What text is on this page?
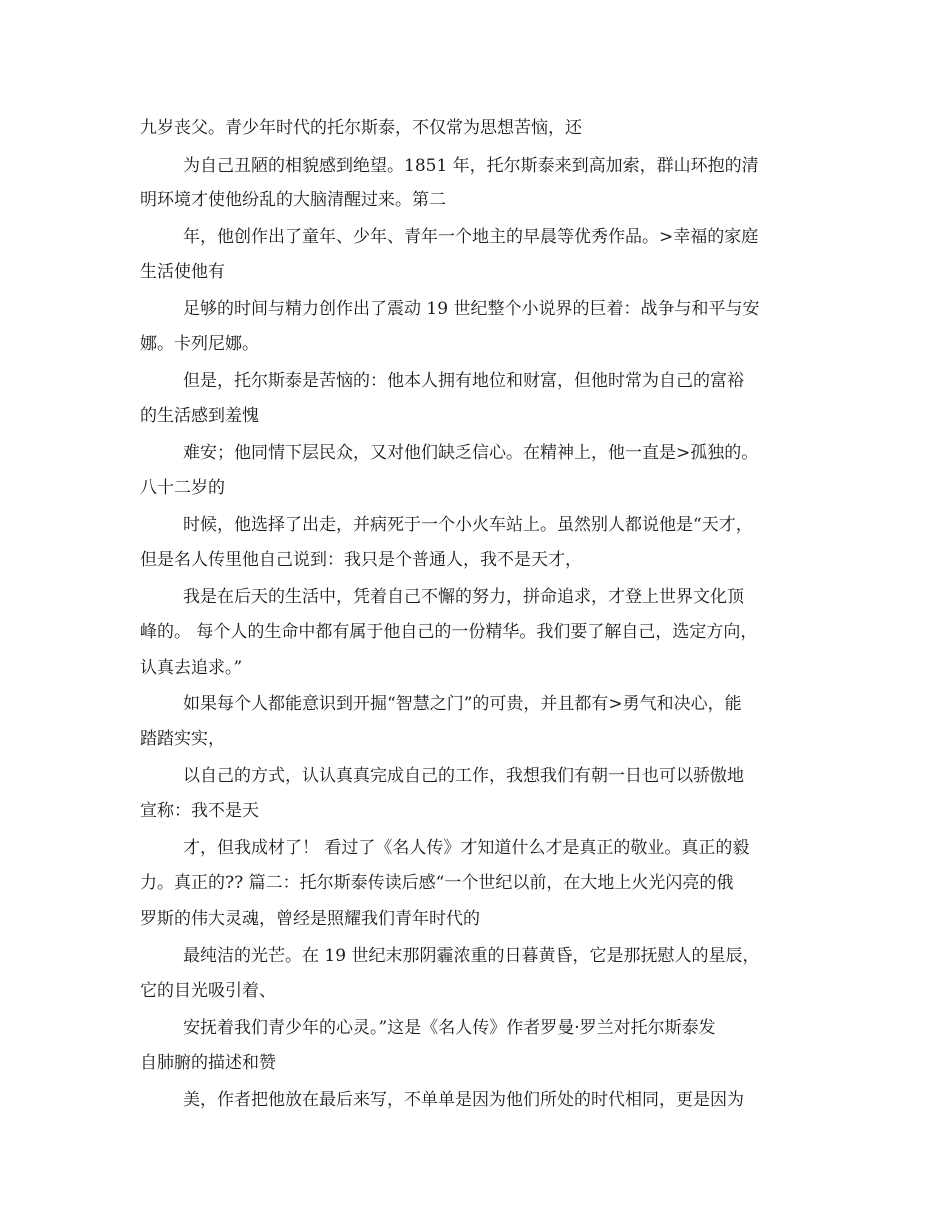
九岁丧父。青少年时代的托尔斯泰，不仅常为思想苦恼，还
为自己丑陋的相貌感到绝望。1851 年，托尔斯泰来到高加索，群山环抱的清
明环境才使他纷乱的大脑清醒过来。第二
年，他创作出了童年、少年、青年一个地主的早晨等优秀作品。>幸福的家庭
生活使他有
足够的时间与精力创作出了震动 19 世纪整个小说界的巨着：战争与和平与安
娜。卡列尼娜。
但是，托尔斯泰是苦恼的：他本人拥有地位和财富，但他时常为自己的富裕
的生活感到羞愧
难安；他同情下层民众，又对他们缺乏信心。在精神上，他一直是>孤独的。
八十二岁的
时候，他选择了出走，并病死于一个小火车站上。虽然别人都说他是“天才，
但是名人传里他自己说到：我只是个普通人，我不是天才，
我是在后天的生活中，凭着自己不懈的努力，拼命追求，才登上世界文化顶
峰的。 每个人的生命中都有属于他自己的一份精华。我们要了解自己，选定方向，
认真去追求。”
如果每个人都能意识到开掘“智慧之门”的可贵，并且都有>勇气和决心，能
踏踏实实，
以自己的方式，认认真真完成自己的工作，我想我们有朝一日也可以骄傲地
宣称：我不是天
才，但我成材了！ 看过了《名人传》才知道什么才是真正的敬业。真正的毅
力。真正的?? 篇二：托尔斯泰传读后感“一个世纪以前，在大地上火光闪亮的俄
罗斯的伟大灵魂，曾经是照耀我们青年时代的
最纯洁的光芒。在 19 世纪末那阴霾浓重的日暮黄昏，它是那抚慰人的星辰，
它的目光吸引着、
安抚着我们青少年的心灵。”这是《名人传》作者罗曼·罗兰对托尔斯泰发
自肺腑的描述和赞
美，作者把他放在最后来写，不单单是因为他们所处的时代相同，更是因为
